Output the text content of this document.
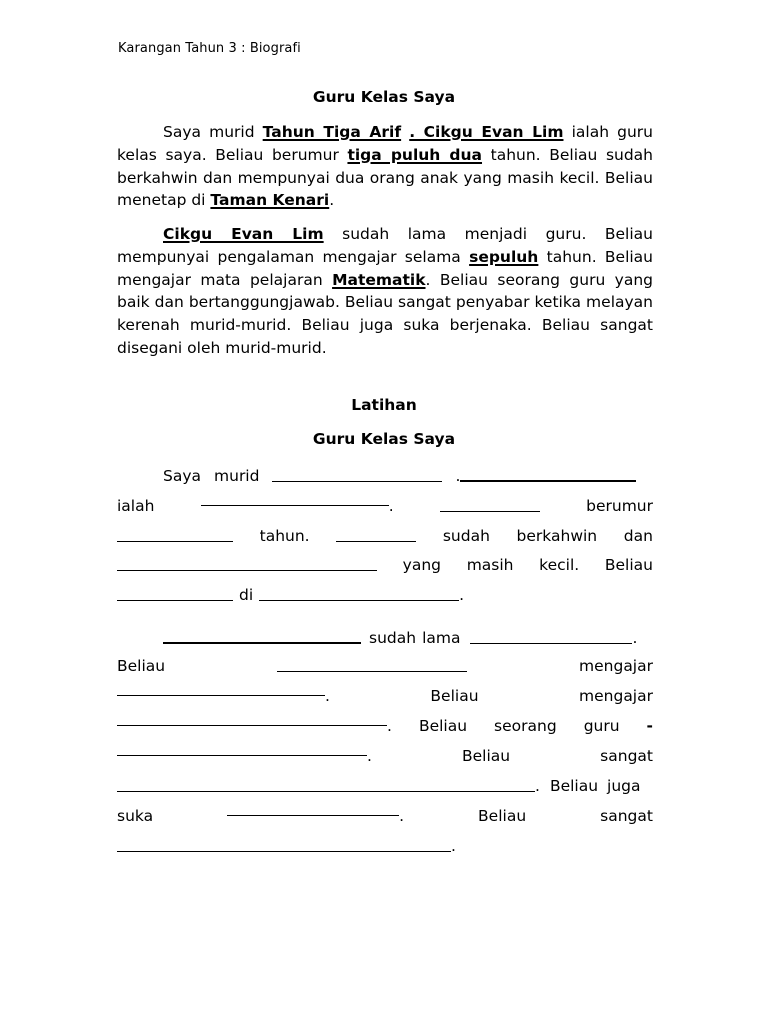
Karangan Tahun 3 : Biografi
Guru Kelas Saya

Saya murid Tahun Tiga Arif . Cikgu Evan Lim ialah guru kelas saya. Beliau berumur tiga puluh dua tahun. Beliau sudah berkahwin dan mempunyai dua orang anak yang masih kecil. Beliau menetap di Taman Kenari.

Cikgu Evan Lim sudah lama menjadi guru. Beliau mempunyai pengalaman mengajar selama sepuluh tahun. Beliau mengajar mata pelajaran Matematik. Beliau seorang guru yang baik dan bertanggungjawab. Beliau sangat penyabar ketika melayan kerenah murid-murid. Beliau juga suka berjenaka. Beliau sangat disegani oleh murid-murid.

Latihan
Guru Kelas Saya
Saya murid	.
ialah	.	berumur
tahun.	sudah berkahwin dan
yang masih kecil. Beliau
di	.
sudah lama	.
Beliau	mengajar
.	Beliau	mengajar
. Beliau seorang guru -
.	Beliau	sangat
. Beliau juga
suka	.	Beliau	sangat
.
